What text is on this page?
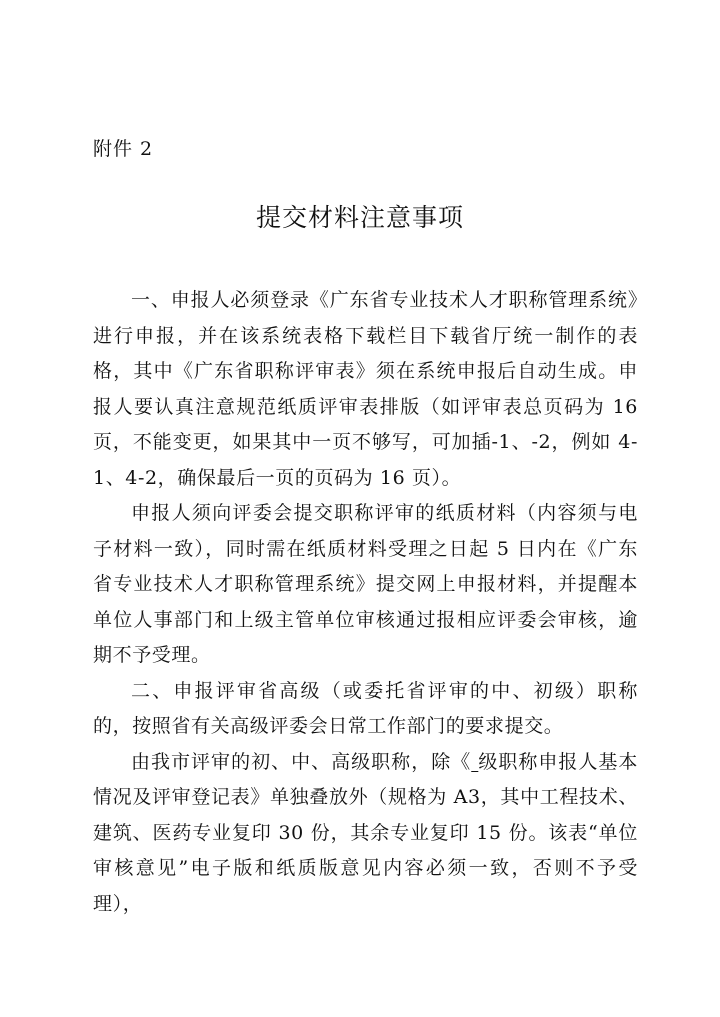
附件 2
提交材料注意事项

一、申报人必须登录《广东省专业技术人才职称管理系统》进行申报，并在该系统表格下载栏目下载省厅统一制作的表格，其中《广东省职称评审表》须在系统申报后自动生成。申报人要认真注意规范纸质评审表排版（如评审表总页码为 16 页，不能变更，如果其中一页不够写，可加插-1、-2，例如 4-1、4-2，确保最后一页的页码为 16 页）。

申报人须向评委会提交职称评审的纸质材料（内容须与电子材料一致），同时需在纸质材料受理之日起 5 日内在《广东省专业技术人才职称管理系统》提交网上申报材料，并提醒本单位人事部门和上级主管单位审核通过报相应评委会审核，逾期不予受理。

二、申报评审省高级（或委托省评审的中、初级）职称的，按照省有关高级评委会日常工作部门的要求提交。

由我市评审的初、中、高级职称，除《 级职称申报人基本情况及评审登记表》单独叠放外（规格为 A3，其中工程技术、建筑、医药专业复印 30 份，其余专业复印 15 份。该表“单位审核意见”电子版和纸质版意见内容必须一致，否则不予受理），
